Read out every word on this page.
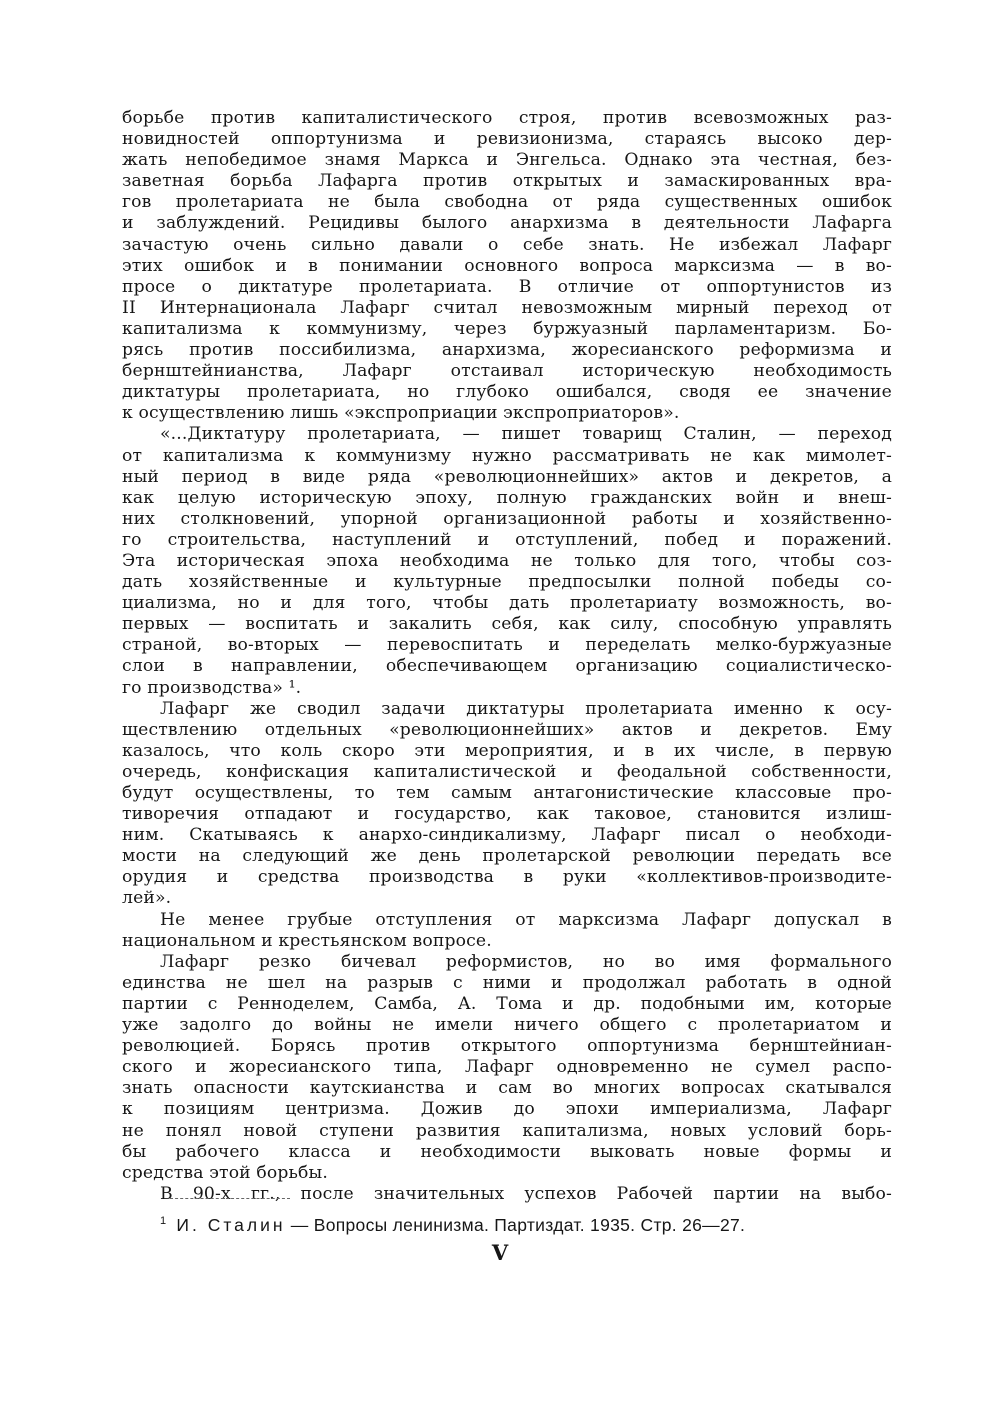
борьбе против капиталистического строя, против всевозможных раз-
новидностей оппортунизма и ревизионизма, стараясь высоко дер-
жать непобедимое знамя Маркса и Энгельса. Однако эта честная, без-
заветная борьба Лафарга против открытых и замаскированных вра-
гов пролетариата не была свободна от ряда существенных ошибок
и заблуждений. Рецидивы былого анархизма в деятельности Лафарга
зачастую очень сильно давали о себе знать. Не избежал Лафарг
этих ошибок и в понимании основного вопроса марксизма — в во-
просе о диктатуре пролетариата. В отличие от оппортунистов из
II Интернационала Лафарг считал невозможным мирный переход от
капитализма к коммунизму, через буржуазный парламентаризм. Бо-
рясь против поссибилизма, анархизма, жоресианского реформизма и
бернштейнианства, Лафарг отстаивал историческую необходимость
диктатуры пролетариата, но глубоко ошибался, сводя ее значение
к осуществлению лишь «экспроприации экспроприаторов».
«...Диктатуру пролетариата, — пишет товарищ Сталин, — переход
от капитализма к коммунизму нужно рассматривать не как мимолет-
ный период в виде ряда «революционнейших» актов и декретов, а
как целую историческую эпоху, полную гражданских войн и внеш-
них столкновений, упорной организационной работы и хозяйственно-
го строительства, наступлений и отступлений, побед и поражений.
Эта историческая эпоха необходима не только для того, чтобы соз-
дать хозяйственные и культурные предпосылки полной победы со-
циализма, но и для того, чтобы дать пролетариату возможность, во-
первых — воспитать и закалить себя, как силу, способную управлять
страной, во-вторых — перевоспитать и переделать мелко-буржуазные
слои в направлении, обеспечивающем организацию социалистическо-
го производства» ¹.
Лафарг же сводил задачи диктатуры пролетариата именно к осу-
ществлению отдельных «революционнейших» актов и декретов. Ему
казалось, что коль скоро эти мероприятия, и в их числе, в первую
очередь, конфискация капиталистической и феодальной собственности,
будут осуществлены, то тем самым антагонистические классовые про-
тиворечия отпадают и государство, как таковое, становится излиш-
ним. Скатываясь к анархо-синдикализму, Лафарг писал о необходи-
мости на следующий же день пролетарской революции передать все
орудия и средства производства в руки «коллективов-производите-
лей».
Не менее грубые отступления от марксизма Лафарг допускал в
национальном и крестьянском вопросе.
Лафарг резко бичевал реформистов, но во имя формального
единства не шел на разрыв с ними и продолжал работать в одной
партии с Ренноделем, Самба, А. Тома и др. подобными им, которые
уже задолго до войны не имели ничего общего с пролетариатом и
революцией. Борясь против открытого оппортунизма бернштейниан-
ского и жоресианского типа, Лафарг одновременно не сумел распо-
знать опасности каутскианства и сам во многих вопросах скатывался
к позициям центризма. Дожив до эпохи империализма, Лафарг
не понял новой ступени развития капитализма, новых условий борь-
бы рабочего класса и необходимости выковать новые формы и
средства этой борьбы.
В 90-х гг., после значительных успехов Рабочей партии на выбо-
$^1$ И. Сталин — Вопросы ленинизма. Партиздат. 1935. Стр. 26—27.
V
